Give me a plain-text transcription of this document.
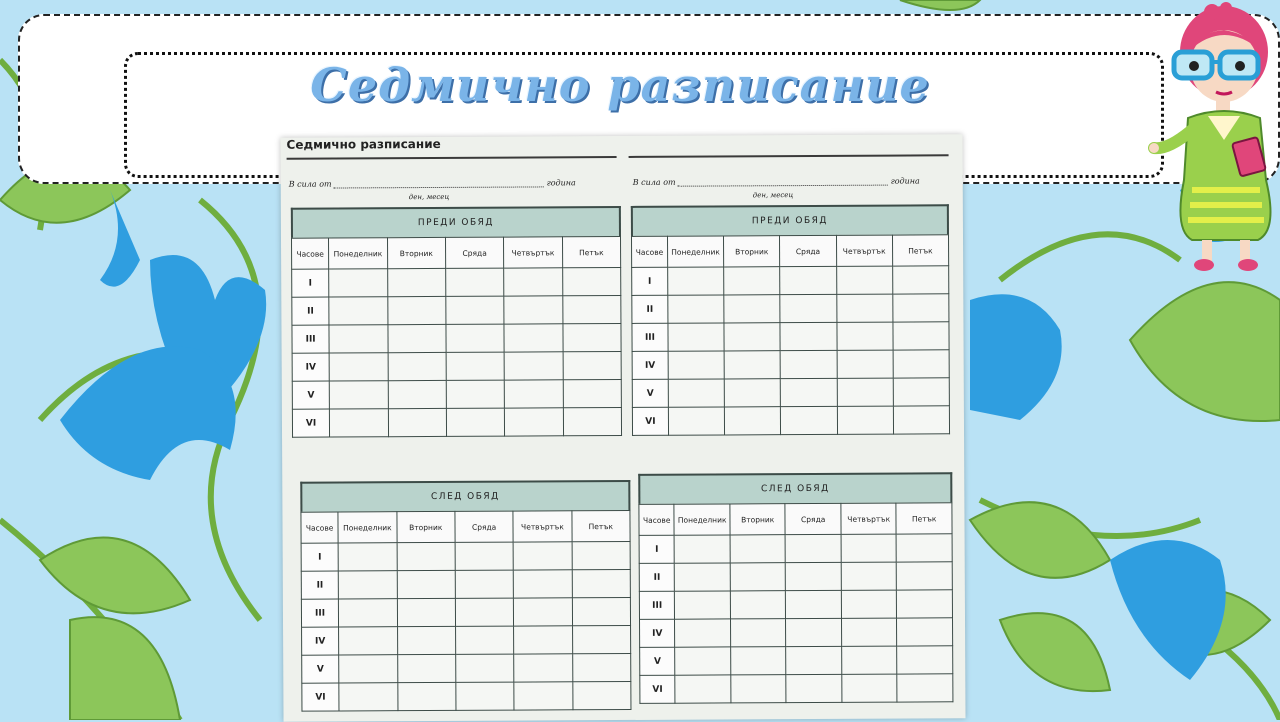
Седмично разписание
Седмично разписание
В сила от	година
ден, месец
В сила от	година
ден, месец
ПРЕДИ ОБЯД
Часове	Понеделник	Вторник	Сряда	Четвъртък	Петък
I					
II					
III					
IV					
V					
VI					
ПРЕДИ ОБЯД
Часове	Понеделник	Вторник	Сряда	Четвъртък	Петък
I					
II					
III					
IV					
V					
VI					
СЛЕД ОБЯД
Часове	Понеделник	Вторник	Сряда	Четвъртък	Петък
I					
II					
III					
IV					
V					
VI					
СЛЕД ОБЯД
Часове	Понеделник	Вторник	Сряда	Четвъртък	Петък
I					
II					
III					
IV					
V					
VI					
